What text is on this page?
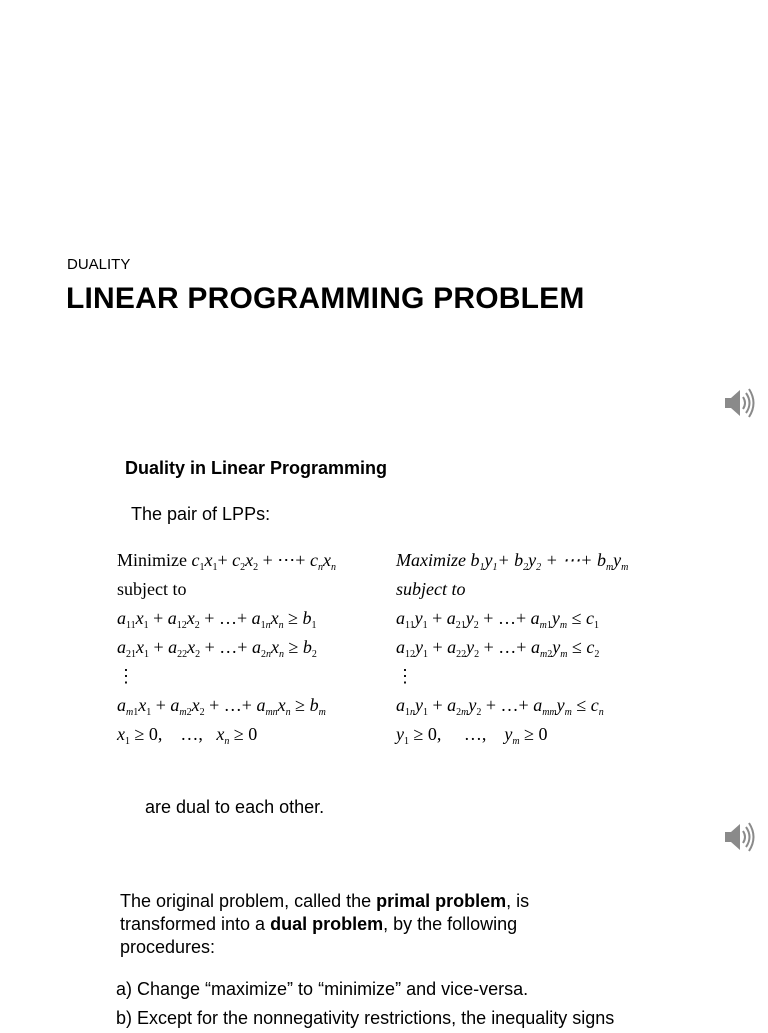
DUALITY
LINEAR PROGRAMMING PROBLEM
Duality in Linear Programming
The pair of LPPs:
Minimize $c_1x_1+ c_2x_2$ + ⋯+ $c_nx_n$
subject to
$a_{11}x_1 + a_{12}x_2$ + …+ $a_{1n}x_n \ge b_1$
$a_{21}x_1 + a_{22}x_2$ + …+ $a_{2n}x_n \ge b_2$
⋮
$a_{m1}x_1 + a_{m2}x_2$ + …+ $a_{mn}x_n \ge b_m$
$x_1 \ge 0$,    …,   $x_n \ge 0$
Maximize $b_1y_1+ b_2y_2$ + ⋯+ $b_my_m$
subject to
$a_{11}y_1 + a_{21}y_2$ + …+ $a_{m1}y_m \le c_1$
$a_{12}y_1 + a_{22}y_2$ + …+ $a_{m2}y_m \le c_2$
⋮
$a_{1n}y_1 + a_{2m}y_2$ + …+ $a_{mm}y_m \le c_n$
$y_1 \ge 0$,     …,    $y_m \ge 0$
are dual to each other.
The original problem, called the primal problem, is transformed into a dual problem, by the following procedures:
a) Change “maximize” to “minimize” and vice-versa.
b) Except for the nonnegativity restrictions, the inequality signs
